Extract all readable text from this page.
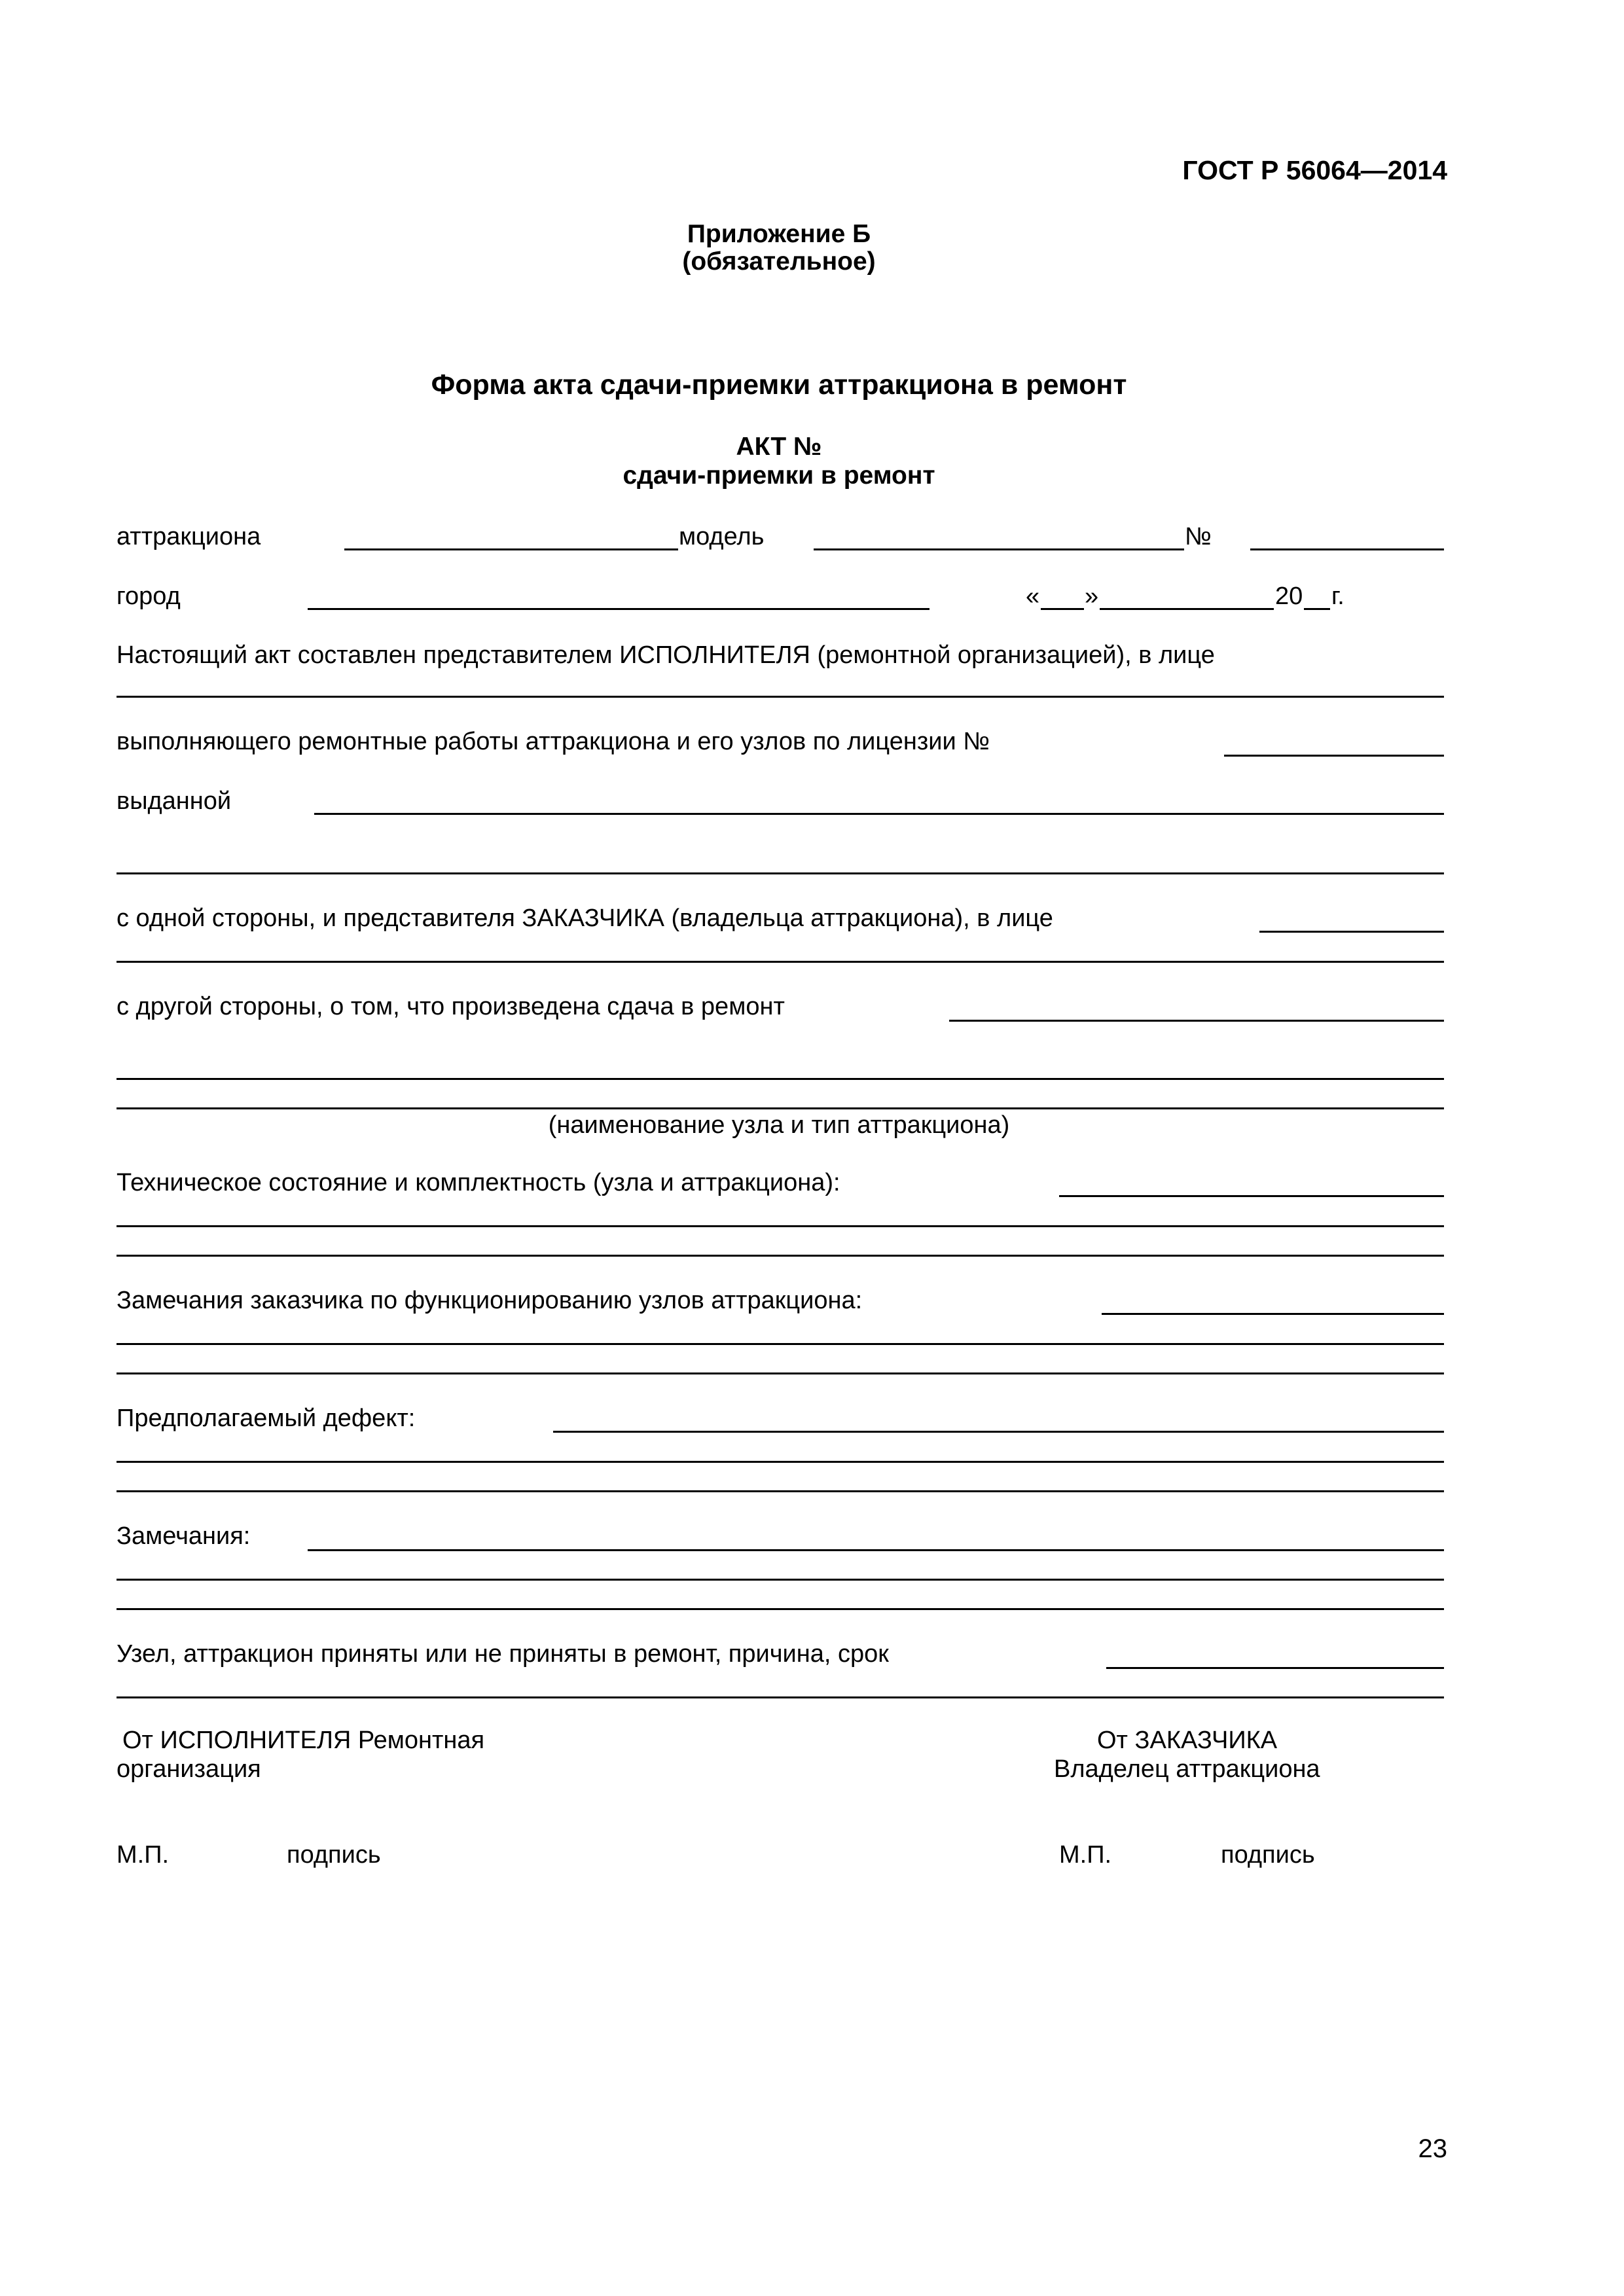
ГОСТ Р 56064—2014
Приложение Б
(обязательное)
Форма акта сдачи-приемки аттракциона в ремонт
АКТ №
сдачи-приемки в ремонт
аттракциона	модель	№
город	« »	20 г.
Настоящий акт составлен представителем ИСПОЛНИТЕЛЯ (ремонтной организацией), в лице
выполняющего ремонтные работы аттракциона и его узлов по лицензии №
выданной
с одной стороны, и представителя ЗАКАЗЧИКА (владельца аттракциона), в лице
с другой стороны, о том, что произведена сдача в ремонт
(наименование узла и тип аттракциона)
Техническое состояние и комплектность (узла и аттракциона):
Замечания заказчика по функционированию узлов аттракциона:
Предполагаемый дефект:
Замечания:
Узел, аттракцион приняты или не приняты в ремонт, причина, срок
От ИСПОЛНИТЕЛЯ Ремонтная
организация
От ЗАКАЗЧИКА
Владелец аттракциона
М.П.	подпись	М.П.	подпись
23
